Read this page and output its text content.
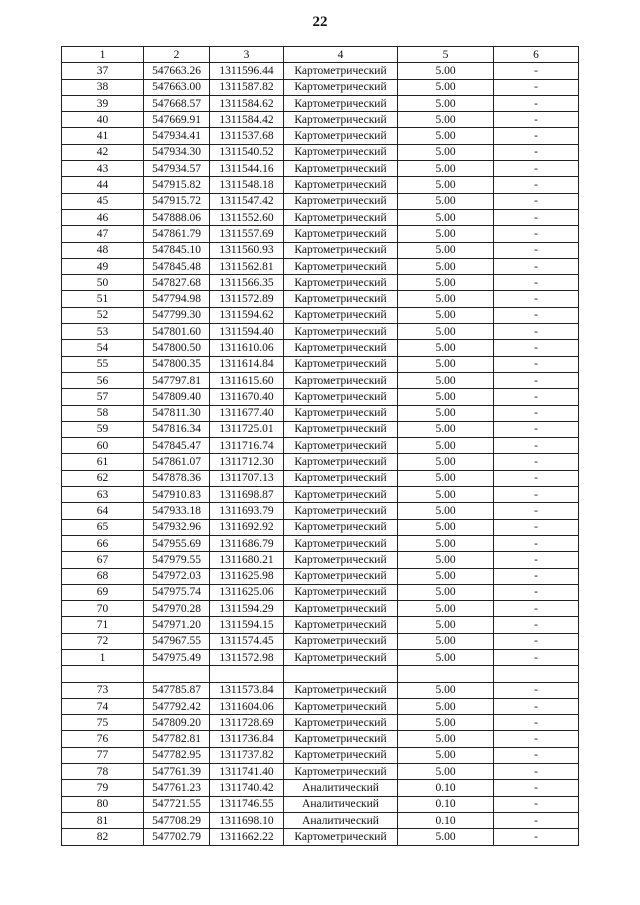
22
1	2	3	4	5	6
37	547663.26	1311596.44	Картометрический	5.00	-
38	547663.00	1311587.82	Картометрический	5.00	-
39	547668.57	1311584.62	Картометрический	5.00	-
40	547669.91	1311584.42	Картометрический	5.00	-
41	547934.41	1311537.68	Картометрический	5.00	-
42	547934.30	1311540.52	Картометрический	5.00	-
43	547934.57	1311544.16	Картометрический	5.00	-
44	547915.82	1311548.18	Картометрический	5.00	-
45	547915.72	1311547.42	Картометрический	5.00	-
46	547888.06	1311552.60	Картометрический	5.00	-
47	547861.79	1311557.69	Картометрический	5.00	-
48	547845.10	1311560.93	Картометрический	5.00	-
49	547845.48	1311562.81	Картометрический	5.00	-
50	547827.68	1311566.35	Картометрический	5.00	-
51	547794.98	1311572.89	Картометрический	5.00	-
52	547799.30	1311594.62	Картометрический	5.00	-
53	547801.60	1311594.40	Картометрический	5.00	-
54	547800.50	1311610.06	Картометрический	5.00	-
55	547800.35	1311614.84	Картометрический	5.00	-
56	547797.81	1311615.60	Картометрический	5.00	-
57	547809.40	1311670.40	Картометрический	5.00	-
58	547811.30	1311677.40	Картометрический	5.00	-
59	547816.34	1311725.01	Картометрический	5.00	-
60	547845.47	1311716.74	Картометрический	5.00	-
61	547861.07	1311712.30	Картометрический	5.00	-
62	547878.36	1311707.13	Картометрический	5.00	-
63	547910.83	1311698.87	Картометрический	5.00	-
64	547933.18	1311693.79	Картометрический	5.00	-
65	547932.96	1311692.92	Картометрический	5.00	-
66	547955.69	1311686.79	Картометрический	5.00	-
67	547979.55	1311680.21	Картометрический	5.00	-
68	547972.03	1311625.98	Картометрический	5.00	-
69	547975.74	1311625.06	Картометрический	5.00	-
70	547970.28	1311594.29	Картометрический	5.00	-
71	547971.20	1311594.15	Картометрический	5.00	-
72	547967.55	1311574.45	Картометрический	5.00	-
1	547975.49	1311572.98	Картометрический	5.00	-

73	547785.87	1311573.84	Картометрический	5.00	-
74	547792.42	1311604.06	Картометрический	5.00	-
75	547809.20	1311728.69	Картометрический	5.00	-
76	547782.81	1311736.84	Картометрический	5.00	-
77	547782.95	1311737.82	Картометрический	5.00	-
78	547761.39	1311741.40	Картометрический	5.00	-
79	547761.23	1311740.42	Аналитический	0.10	-
80	547721.55	1311746.55	Аналитический	0.10	-
81	547708.29	1311698.10	Аналитический	0.10	-
82	547702.79	1311662.22	Картометрический	5.00	-
